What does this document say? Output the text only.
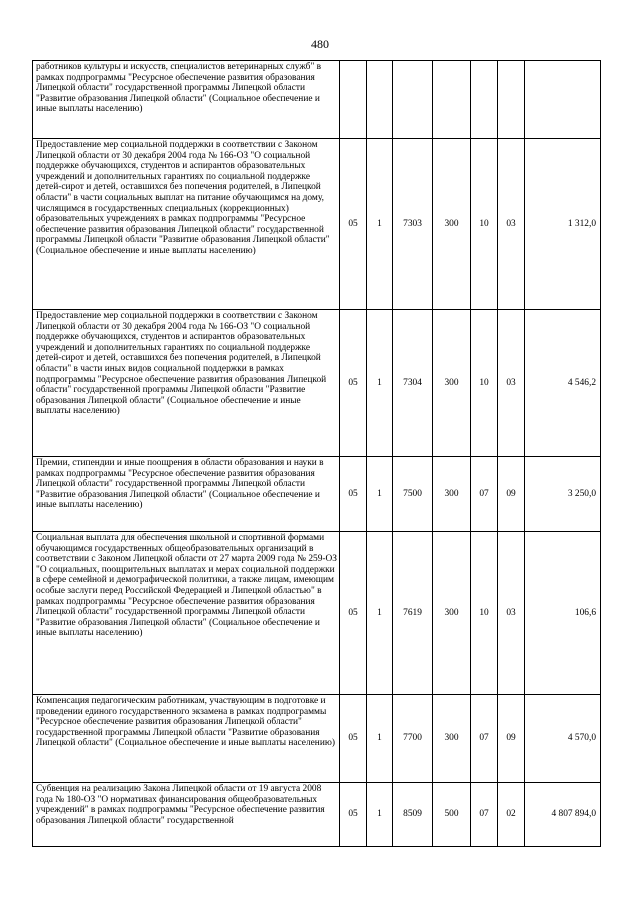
480
работников культуры и искусств, специалистов ветеринарных служб" в рамках подпрограммы "Ресурсное обеспечение развития образования Липецкой области" государственной программы Липецкой области "Развитие образования Липецкой области" (Социальное обеспечение и иные выплаты населению)							
Предоставление мер социальной поддержки в соответствии с Законом Липецкой области от 30 декабря 2004 года № 166-ОЗ "О социальной поддержке обучающихся, студентов и аспирантов образовательных учреждений и дополнительных гарантиях по социальной поддержке детей-сирот и детей, оставшихся без попечения родителей, в Липецкой области" в части социальных выплат на питание обучающимся на дому, числящимся в государственных специальных (коррекционных) образовательных учреждениях в рамках подпрограммы "Ресурсное обеспечение развития образования Липецкой области" государственной программы Липецкой области "Развитие образования Липецкой области" (Социальное обеспечение и иные выплаты населению)	05	1	7303	300	10	03	1 312,0
Предоставление мер социальной поддержки в соответствии с Законом Липецкой области от 30 декабря 2004 года № 166-ОЗ "О социальной поддержке обучающихся, студентов и аспирантов образовательных учреждений и дополнительных гарантиях по социальной поддержке детей-сирот и детей, оставшихся без попечения родителей, в Липецкой области" в части иных видов социальной поддержки в рамках подпрограммы "Ресурсное обеспечение развития образования Липецкой области" государственной программы Липецкой области "Развитие образования Липецкой области" (Социальное обеспечение и иные выплаты населению)	05	1	7304	300	10	03	4 546,2
Премии, стипендии и иные поощрения в области образования и науки в рамках подпрограммы "Ресурсное обеспечение развития образования Липецкой области" государственной программы Липецкой области "Развитие образования Липецкой области" (Социальное обеспечение и иные выплаты населению)	05	1	7500	300	07	09	3 250,0
Социальная выплата для обеспечения школьной и спортивной формами обучающимся государственных общеобразовательных организаций в соответствии с Законом Липецкой области от 27 марта 2009 года № 259-ОЗ "О социальных, поощрительных выплатах и мерах социальной поддержки в сфере семейной и демографической политики, а также лицам, имеющим особые заслуги перед Российской Федерацией и Липецкой областью" в рамках подпрограммы "Ресурсное обеспечение развития образования Липецкой области" государственной программы Липецкой области "Развитие образования Липецкой области" (Социальное обеспечение и иные выплаты населению)	05	1	7619	300	10	03	106,6
Компенсация педагогическим работникам, участвующим в подготовке и проведении единого государственного экзамена в рамках подпрограммы "Ресурсное обеспечение развития образования Липецкой области" государственной программы Липецкой области "Развитие образования Липецкой области" (Социальное обеспечение и иные выплаты населению)	05	1	7700	300	07	09	4 570,0
Субвенция на реализацию Закона Липецкой области от 19 августа 2008 года № 180-ОЗ "О нормативах финансирования общеобразовательных учреждений" в рамках подпрограммы "Ресурсное обеспечение развития образования Липецкой области" государственной	05	1	8509	500	07	02	4 807 894,0
